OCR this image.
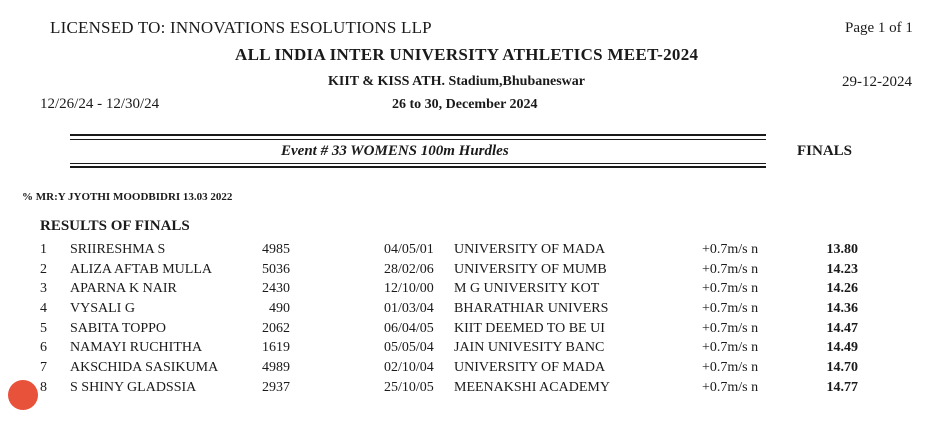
LICENSED TO: INNOVATIONS ESOLUTIONS LLP	Page 1 of 1
ALL INDIA INTER UNIVERSITY ATHLETICS MEET-2024
KIIT & KISS ATH. Stadium,Bhubaneswar	29-12-2024
12/26/24 - 12/30/24	26 to 30, December 2024
Event # 33 WOMENS 100m Hurdles	FINALS
% MR:Y JYOTHI MOODBIDRI 13.03 2022
RESULTS OF FINALS
1	SRIIRESHMA S	4985	04/05/01	UNIVERSITY OF MADA	+0.7m/s n	13.80
2	ALIZA AFTAB MULLA	5036	28/02/06	UNIVERSITY OF MUMB	+0.7m/s n	14.23
3	APARNA K NAIR	2430	12/10/00	M G UNIVERSITY KOT	+0.7m/s n	14.26
4	VYSALI G	490	01/03/04	BHARATHIAR UNIVERS	+0.7m/s n	14.36
5	SABITA TOPPO	2062	06/04/05	KIIT DEEMED TO BE UI	+0.7m/s n	14.47
6	NAMAYI RUCHITHA	1619	05/05/04	JAIN UNIVESITY BANC	+0.7m/s n	14.49
7	AKSCHIDA SASIKUMA	4989	02/10/04	UNIVERSITY OF MADA	+0.7m/s n	14.70
8	S SHINY GLADSSIA	2937	25/10/05	MEENAKSHI ACADEMY	+0.7m/s n	14.77
